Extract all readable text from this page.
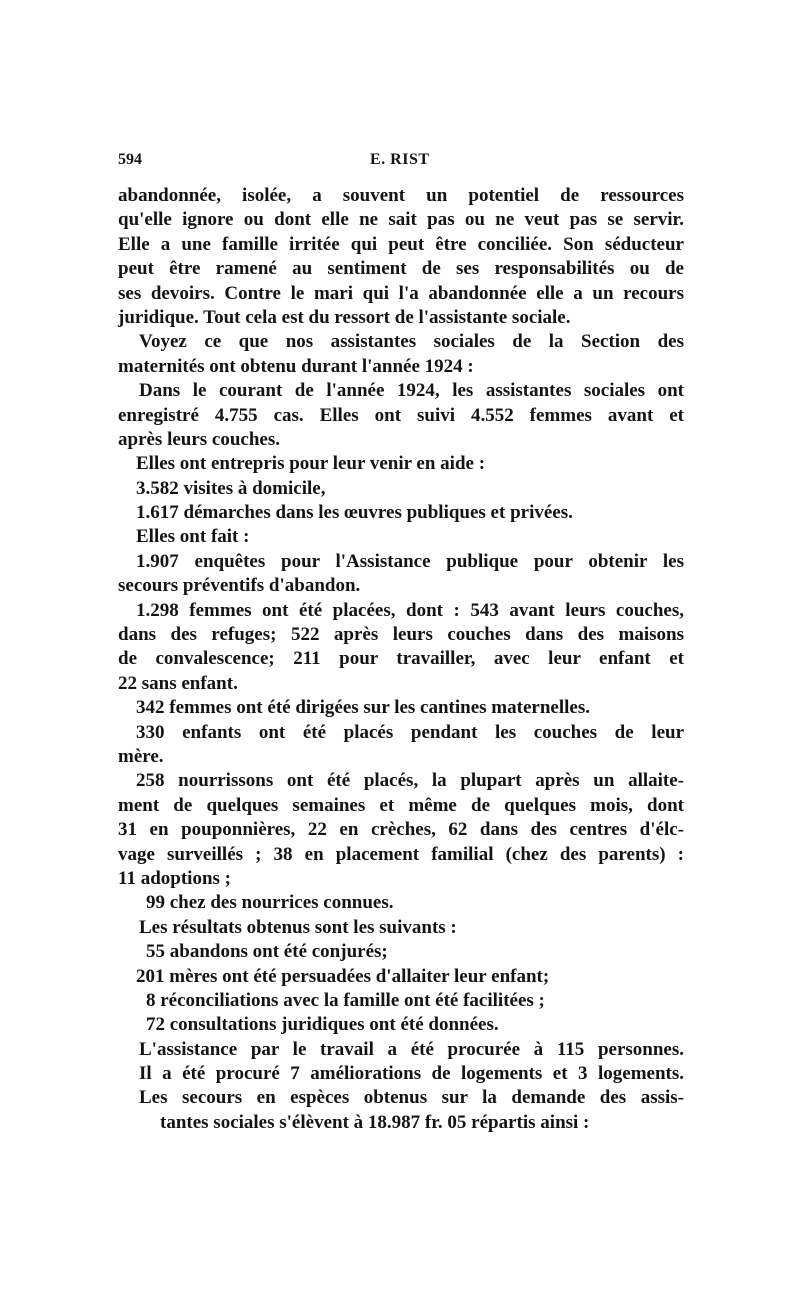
594	E. RIST
abandonnée, isolée, a souvent un potentiel de ressources
qu'elle ignore ou dont elle ne sait pas ou ne veut pas se servir.
Elle a une famille irritée qui peut être conciliée. Son séducteur
peut être ramené au sentiment de ses responsabilités ou de
ses devoirs. Contre le mari qui l'a abandonnée elle a un recours
juridique. Tout cela est du ressort de l'assistante sociale.
Voyez ce que nos assistantes sociales de la Section des
maternités ont obtenu durant l'année 1924 :
Dans le courant de l'année 1924, les assistantes sociales ont
enregistré 4.755 cas. Elles ont suivi 4.552 femmes avant et
après leurs couches.
Elles ont entrepris pour leur venir en aide :
3.582 visites à domicile,
1.617 démarches dans les œuvres publiques et privées.
Elles ont fait :
1.907 enquêtes pour l'Assistance publique pour obtenir les
secours préventifs d'abandon.
1.298 femmes ont été placées, dont : 543 avant leurs couches,
dans des refuges; 522 après leurs couches dans des maisons
de convalescence; 211 pour travailler, avec leur enfant et
22 sans enfant.
342 femmes ont été dirigées sur les cantines maternelles.
330 enfants ont été placés pendant les couches de leur
mère.
258 nourrissons ont été placés, la plupart après un allaite-
ment de quelques semaines et même de quelques mois, dont
31 en pouponnières, 22 en crèches, 62 dans des centres d'élc-
vage surveillés ; 38 en placement familial (chez des parents) :
11 adoptions ;
99 chez des nourrices connues.
Les résultats obtenus sont les suivants :
55 abandons ont été conjurés;
201 mères ont été persuadées d'allaiter leur enfant;
8 réconciliations avec la famille ont été facilitées ;
72 consultations juridiques ont été données.
L'assistance par le travail a été procurée à 115 personnes.
Il a été procuré 7 améliorations de logements et 3 logements.
Les secours en espèces obtenus sur la demande des assis-
tantes sociales s'élèvent à 18.987 fr. 05 répartis ainsi :
